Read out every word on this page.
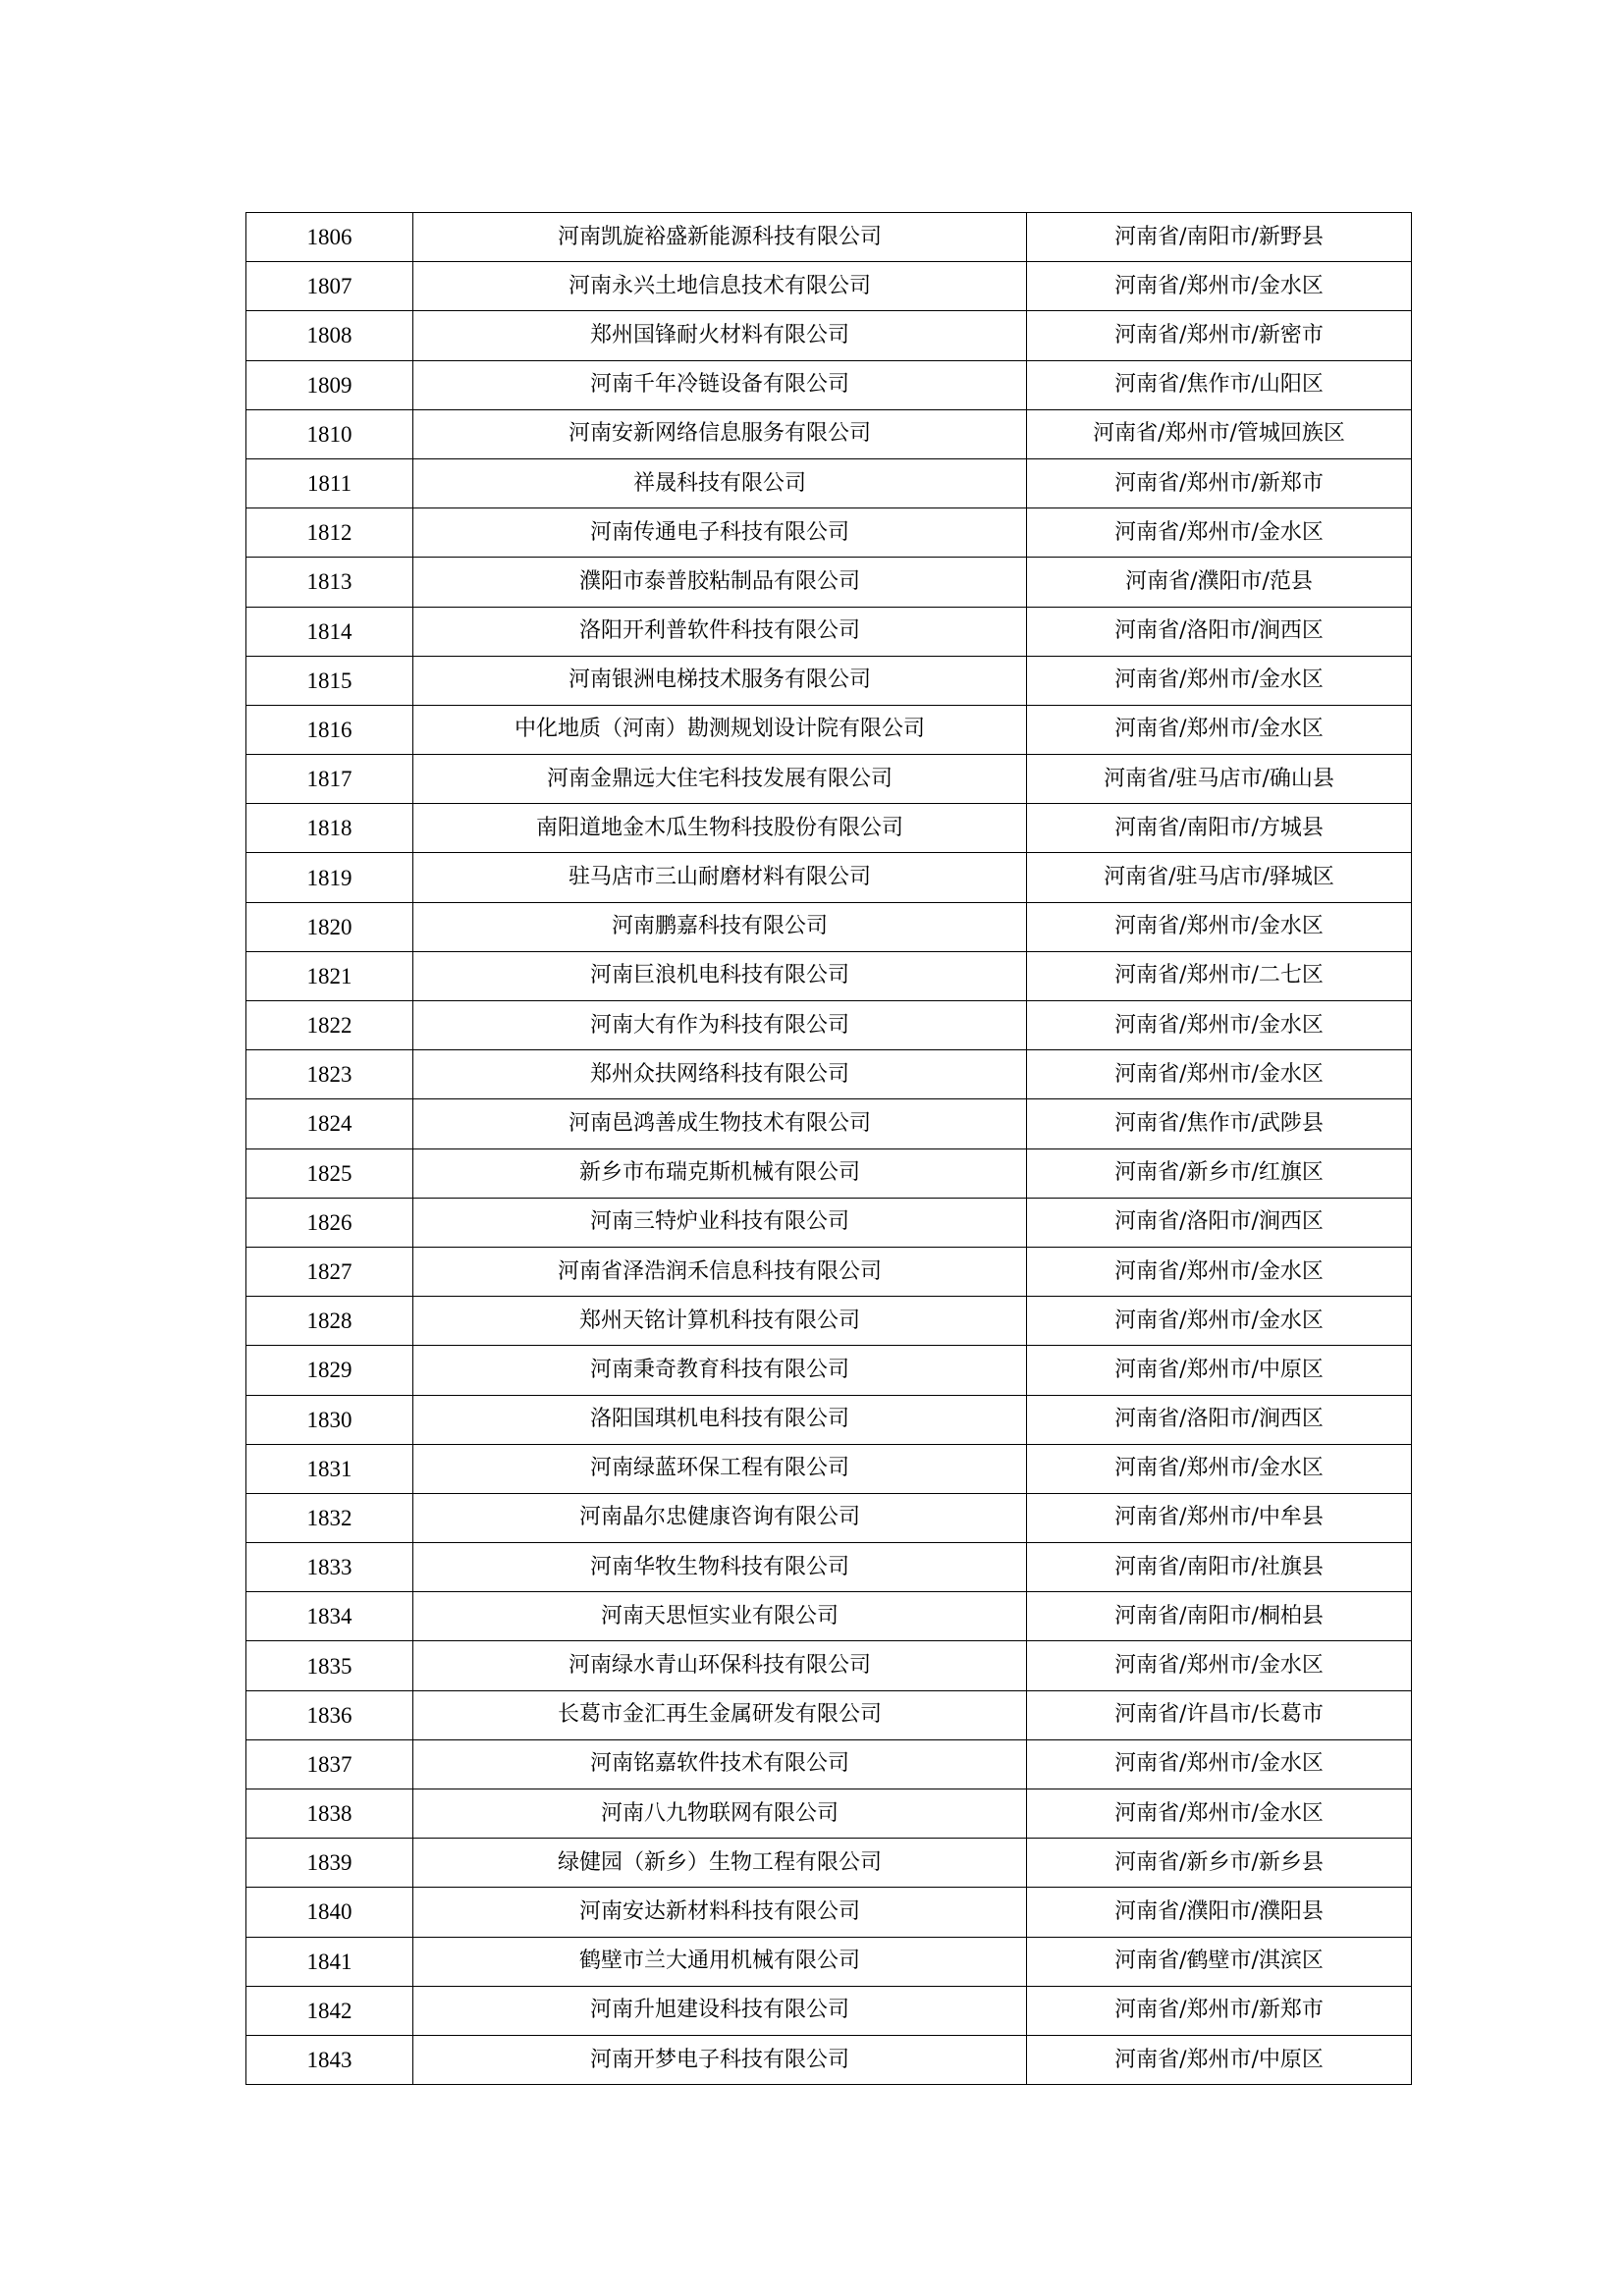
1806	河南凯旋裕盛新能源科技有限公司	河南省/南阳市/新野县
1807	河南永兴土地信息技术有限公司	河南省/郑州市/金水区
1808	郑州国锋耐火材料有限公司	河南省/郑州市/新密市
1809	河南千年冷链设备有限公司	河南省/焦作市/山阳区
1810	河南安新网络信息服务有限公司	河南省/郑州市/管城回族区
1811	祥晟科技有限公司	河南省/郑州市/新郑市
1812	河南传通电子科技有限公司	河南省/郑州市/金水区
1813	濮阳市泰普胶粘制品有限公司	河南省/濮阳市/范县
1814	洛阳开利普软件科技有限公司	河南省/洛阳市/涧西区
1815	河南银洲电梯技术服务有限公司	河南省/郑州市/金水区
1816	中化地质（河南）勘测规划设计院有限公司	河南省/郑州市/金水区
1817	河南金鼎远大住宅科技发展有限公司	河南省/驻马店市/确山县
1818	南阳道地金木瓜生物科技股份有限公司	河南省/南阳市/方城县
1819	驻马店市三山耐磨材料有限公司	河南省/驻马店市/驿城区
1820	河南鹏嘉科技有限公司	河南省/郑州市/金水区
1821	河南巨浪机电科技有限公司	河南省/郑州市/二七区
1822	河南大有作为科技有限公司	河南省/郑州市/金水区
1823	郑州众扶网络科技有限公司	河南省/郑州市/金水区
1824	河南邑鸿善成生物技术有限公司	河南省/焦作市/武陟县
1825	新乡市布瑞克斯机械有限公司	河南省/新乡市/红旗区
1826	河南三特炉业科技有限公司	河南省/洛阳市/涧西区
1827	河南省泽浩润禾信息科技有限公司	河南省/郑州市/金水区
1828	郑州天铭计算机科技有限公司	河南省/郑州市/金水区
1829	河南秉奇教育科技有限公司	河南省/郑州市/中原区
1830	洛阳国琪机电科技有限公司	河南省/洛阳市/涧西区
1831	河南绿蓝环保工程有限公司	河南省/郑州市/金水区
1832	河南晶尔忠健康咨询有限公司	河南省/郑州市/中牟县
1833	河南华牧生物科技有限公司	河南省/南阳市/社旗县
1834	河南天思恒实业有限公司	河南省/南阳市/桐柏县
1835	河南绿水青山环保科技有限公司	河南省/郑州市/金水区
1836	长葛市金汇再生金属研发有限公司	河南省/许昌市/长葛市
1837	河南铭嘉软件技术有限公司	河南省/郑州市/金水区
1838	河南八九物联网有限公司	河南省/郑州市/金水区
1839	绿健园（新乡）生物工程有限公司	河南省/新乡市/新乡县
1840	河南安达新材料科技有限公司	河南省/濮阳市/濮阳县
1841	鹤壁市兰大通用机械有限公司	河南省/鹤壁市/淇滨区
1842	河南升旭建设科技有限公司	河南省/郑州市/新郑市
1843	河南开梦电子科技有限公司	河南省/郑州市/中原区
